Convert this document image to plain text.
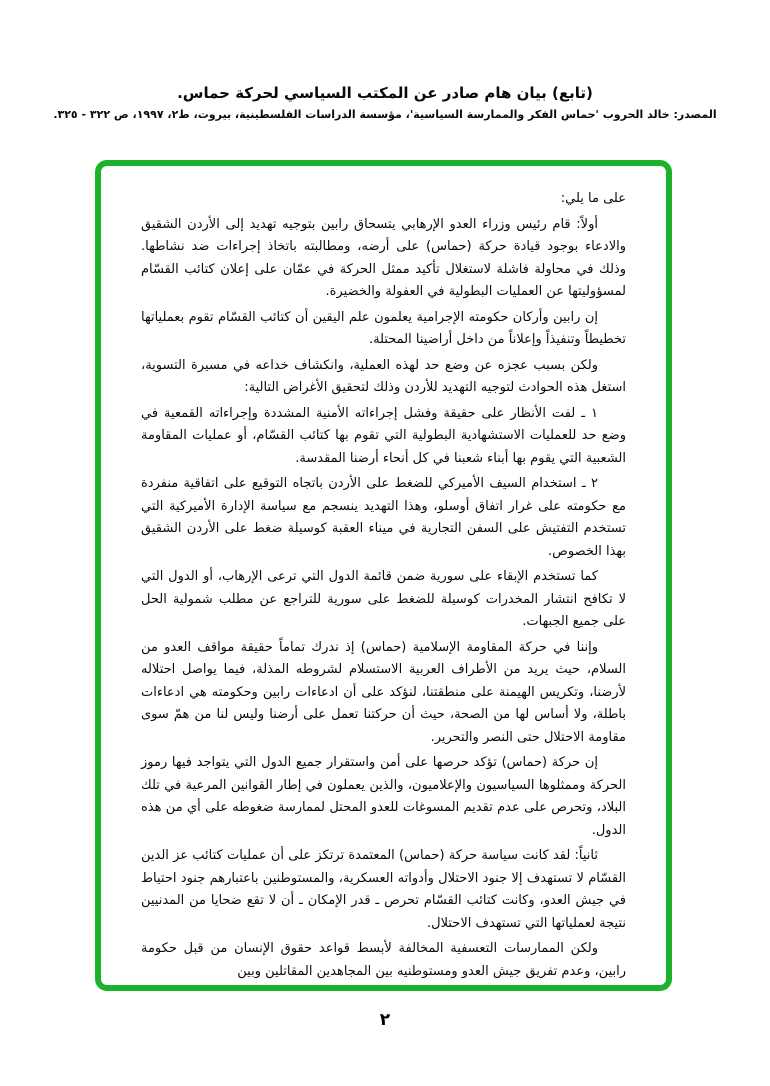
(تابع) بيان هام صادر عن المكتب السياسي لحركة حماس.
المصدر: خالد الحروب 'حماس الفكر والممارسة السياسية'، مؤسسة الدراسات الفلسطينية، بيروت، ط٢، ١٩٩٧، ص ٣٢٢ - ٣٢٥.

على ما يلي:

أولاً: قام رئيس وزراء العدو الإرهابي يتسحاق رابين بتوجيه تهديد إلى الأردن الشقيق والادعاء بوجود قيادة حركة (حماس) على أرضه، ومطالبته باتخاذ إجراءات ضد نشاطها. وذلك في محاولة فاشلة لاستغلال تأكيد ممثل الحركة في عمّان على إعلان كتائب القسّام لمسؤوليتها عن العمليات البطولية في العفولة والخضيرة.

إن رابين وأركان حكومته الإجرامية يعلمون علم اليقين أن كتائب القسّام تقوم بعملياتها تخطيطاً وتنفيذاً وإعلاناً من داخل أراضينا المحتلة.

ولكن بسبب عجزه عن وضع حد لهذه العملية، وانكشاف خداعه في مسيرة التسوية، استغل هذه الحوادث لتوجيه التهديد للأردن وذلك لتحقيق الأغراض التالية:

١ ـ لفت الأنظار على حقيقة وفشل إجراءاته الأمنية المشددة وإجراءاته القمعية في وضع حد للعمليات الاستشهادية البطولية التي تقوم بها كتائب القسّام، أو عمليات المقاومة الشعبية التي يقوم بها أبناء شعبنا في كل أنحاء أرضنا المقدسة.

٢ ـ استخدام السيف الأميركي للضغط على الأردن باتجاه التوقيع على اتفاقية منفردة مع حكومته على غرار اتفاق أوسلو، وهذا التهديد ينسجم مع سياسة الإدارة الأميركية التي تستخدم التفتيش على السفن التجارية في ميناء العقبة كوسيلة ضغط على الأردن الشقيق بهذا الخصوص.

كما تستخدم الإبقاء على سورية ضمن قائمة الدول التي ترعى الإرهاب، أو الدول التي لا تكافح انتشار المخدرات كوسيلة للضغط على سورية للتراجع عن مطلب شمولية الحل على جميع الجبهات.

وإننا في حركة المقاومة الإسلامية (حماس) إذ ندرك تماماً حقيقة مواقف العدو من السلام، حيث يريد من الأطراف العربية الاستسلام لشروطه المذلة، فيما يواصل احتلاله لأرضنا، وتكريس الهيمنة على منطقتنا، لنؤكد على أن ادعاءات رابين وحكومته هي ادعاءات باطلة، ولا أساس لها من الصحة، حيث أن حركتنا تعمل على أرضنا وليس لنا من همّ سوى مقاومة الاحتلال حتى النصر والتحرير.

إن حركة (حماس) تؤكد حرصها على أمن واستقرار جميع الدول التي يتواجد فيها رموز الحركة وممثلوها السياسيون والإعلاميون، والذين يعملون في إطار القوانين المرعية في تلك البلاد، وتحرص على عدم تقديم المسوغات للعدو المحتل لممارسة ضغوطه على أي من هذه الدول.

ثانياً: لقد كانت سياسة حركة (حماس) المعتمدة ترتكز على أن عمليات كتائب عز الدين القسّام لا تستهدف إلا جنود الاحتلال وأدواته العسكرية، والمستوطنين باعتبارهم جنود احتياط في جيش العدو، وكانت كتائب القسّام تحرص ـ قدر الإمكان ـ أن لا تقع ضحايا من المدنيين نتيجة لعملياتها التي تستهدف الاحتلال.

ولكن الممارسات التعسفية المخالفة لأبسط قواعد حقوق الإنسان من قبل حكومة رابين، وعدم تفريق جيش العدو ومستوطنيه بين المجاهدين المقاتلين وبين

٢
